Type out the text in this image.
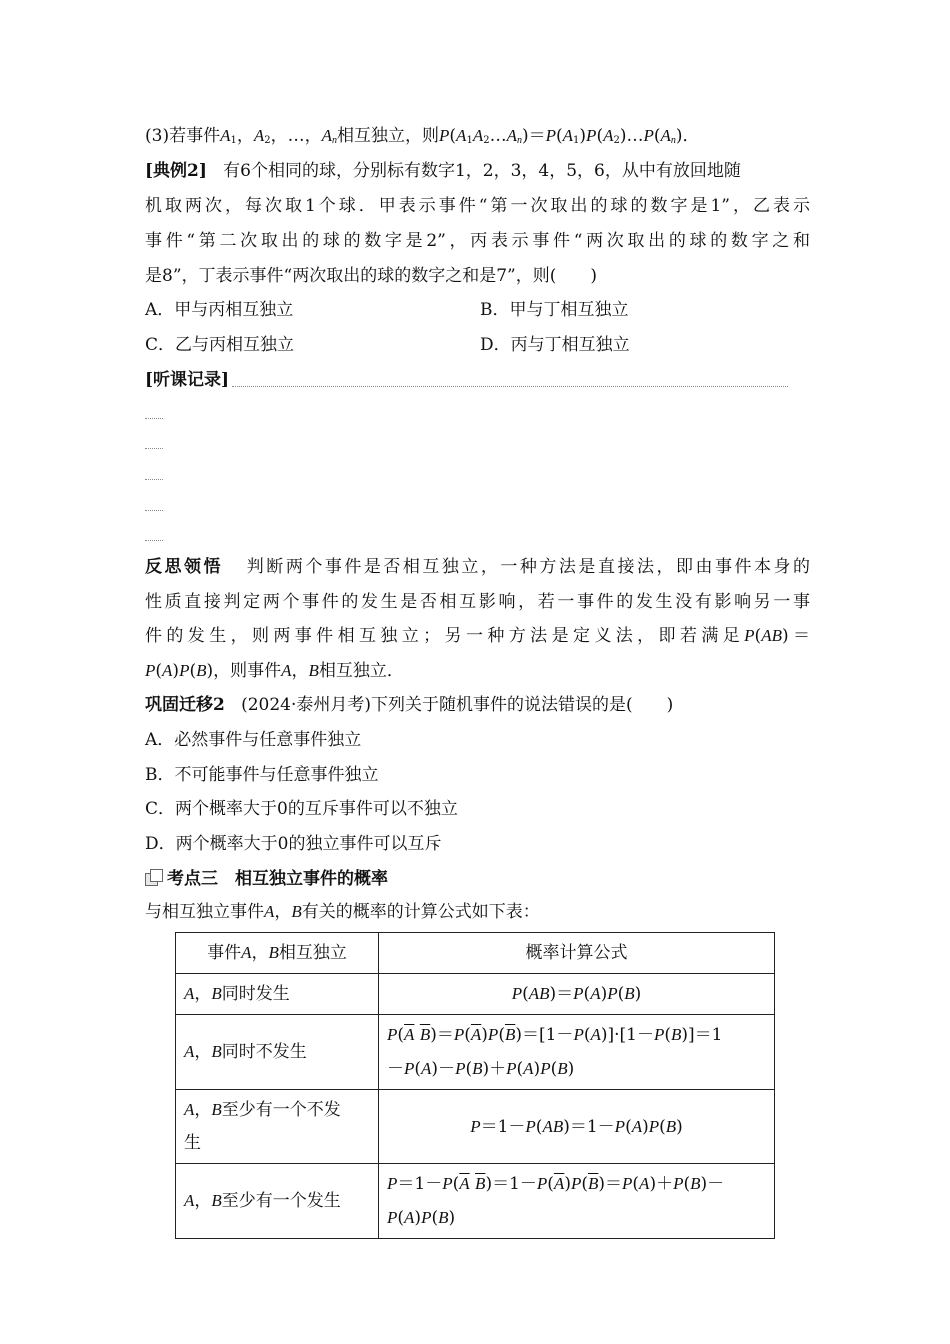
(3)若事件$A_1$，$A_2$，…，$A_n$相互独立，则$P(A_1A_2\dots A_n)=P(A_1)P(A_2)\dots P(A_n)$．
[典例2] 有6个相同的球，分别标有数字1，2，3，4，5，6，从中有放回地随
机取两次，每次取1个球．甲表示事件“第一次取出的球的数字是1”，乙表示
事件“第二次取出的球的数字是2”，丙表示事件“两次取出的球的数字之和
是8”，丁表示事件“两次取出的球的数字之和是7”，则(　　)
A．甲与丙相互独立	B．甲与丁相互独立
C．乙与丙相互独立	D．丙与丁相互独立
[听课记录]
反思领悟 判断两个事件是否相互独立，一种方法是直接法，即由事件本身的
性质直接判定两个事件的发生是否相互影响，若一事件的发生没有影响另一事
件的发生，则两事件相互独立；另一种方法是定义法，即若满足P(AB)＝
P(A)P(B)，则事件A，B相互独立．
巩固迁移2 (2024·泰州月考)下列关于随机事件的说法错误的是(　　)
A．必然事件与任意事件独立
B．不可能事件与任意事件独立
C．两个概率大于0的互斥事件可以不独立
D．两个概率大于0的独立事件可以互斥
考点三　相互独立事件的概率
与相互独立事件A，B有关的概率的计算公式如下表：
事件A，B相互独立	概率计算公式
A，B同时发生	P(AB)＝P(A)P(B)
A，B同时不发生	$P(\overline{A}$ $\overline{B})=P(\overline{A})P(\overline{B})=[1-P(A)]\cdot[1-P(B)]=1$
－P(A)－P(B)＋P(A)P(B)
A，B至少有一个不发
生	P＝1－P(AB)＝1－P(A)P(B)
A，B至少有一个发生	$P=1-P(\overline{A}$ $\overline{B})=1-P(\overline{A})P(\overline{B})=P(A)+P(B)-$
P(A)P(B)
